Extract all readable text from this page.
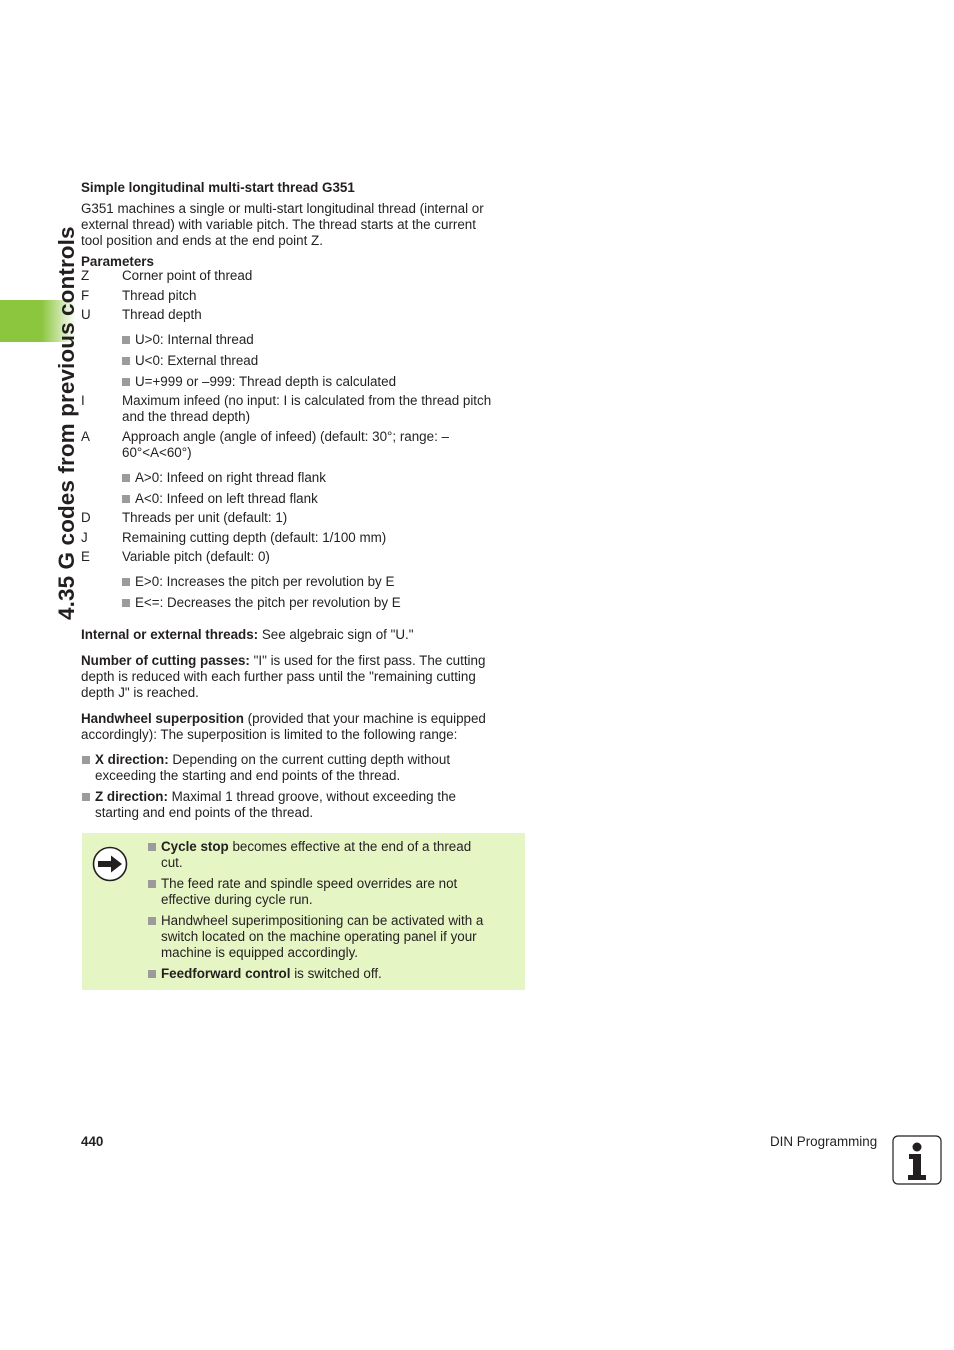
4.35 G codes from previous controls
Simple longitudinal multi-start thread G351
G351 machines a single or multi-start longitudinal thread (internal or
external thread) with variable pitch. The thread starts at the current
tool position and ends at the end point Z.
Parameters
Z Corner point of thread
F Thread pitch
U Thread depth
U>0: Internal thread
U<0: External thread
U=+999 or –999: Thread depth is calculated
I	Maximum infeed (no input: I is calculated from the thread pitch
and the thread depth)
A Approach angle (angle of infeed) (default: 30°; range: –
60°<A<60°)
A>0: Infeed on right thread flank
A<0: Infeed on left thread flank
D Threads per unit (default: 1)
J	Remaining cutting depth (default: 1/100 mm)
E Variable pitch (default: 0)
E>0: Increases the pitch per revolution by E
E<=: Decreases the pitch per revolution by E
Internal or external threads: See algebraic sign of "U."
Number of cutting passes: "I" is used for the first pass. The cutting
depth is reduced with each further pass until the "remaining cutting
depth J" is reached.
Handwheel superposition (provided that your machine is equipped
accordingly): The superposition is limited to the following range:
X direction: Depending on the current cutting depth without
exceeding the starting and end points of the thread.
Z direction: Maximal 1 thread groove, without exceeding the
starting and end points of the thread.
Cycle stop becomes effective at the end of a thread
cut.
The feed rate and spindle speed overrides are not
effective during cycle run.
Handwheel superimpositioning can be activated with a
switch located on the machine operating panel if your
machine is equipped accordingly.
Feedforward control is switched off.
440	DIN Programming
